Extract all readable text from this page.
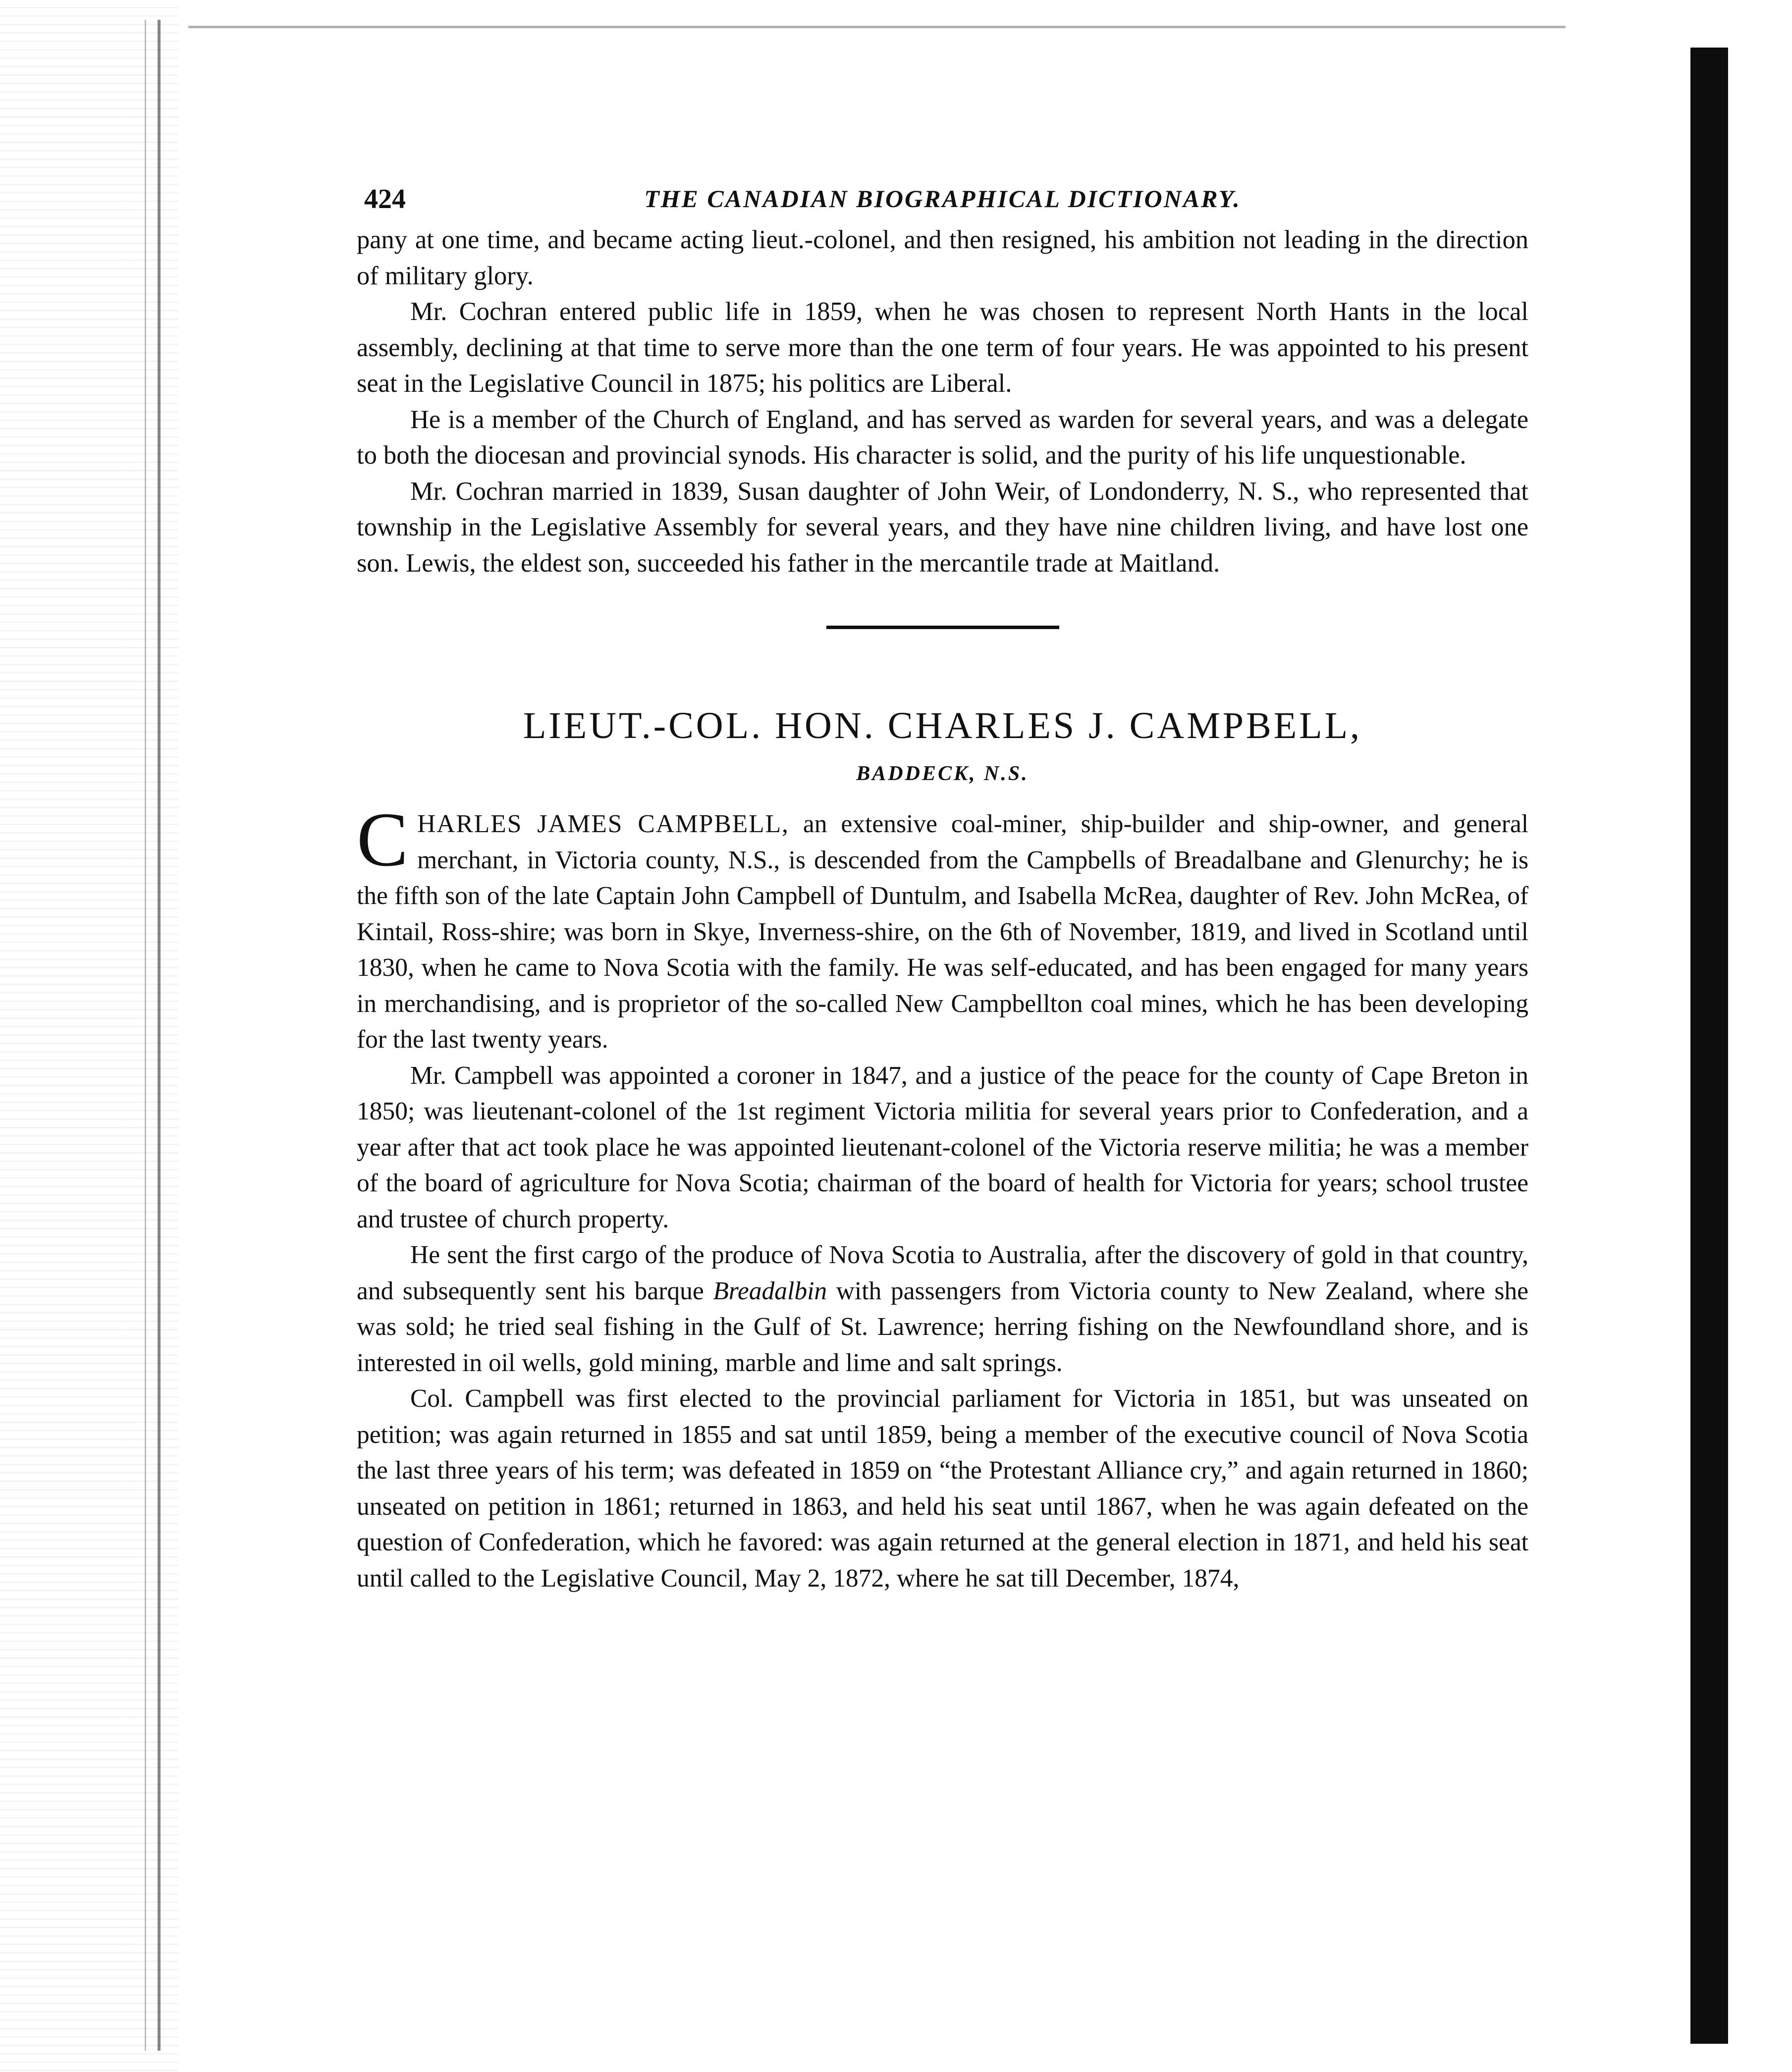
424	THE CANADIAN BIOGRAPHICAL DICTIONARY.

pany at one time, and became acting lieut.-colonel, and then resigned, his ambition not leading in the direction of military glory.

Mr. Cochran entered public life in 1859, when he was chosen to represent North Hants in the local assembly, declining at that time to serve more than the one term of four years. He was appointed to his present seat in the Legislative Council in 1875; his politics are Liberal.

He is a member of the Church of England, and has served as warden for several years, and was a delegate to both the diocesan and provincial synods. His character is solid, and the purity of his life unquestionable.

Mr. Cochran married in 1839, Susan daughter of John Weir, of Londonderry, N. S., who represented that township in the Legislative Assembly for several years, and they have nine children living, and have lost one son. Lewis, the eldest son, succeeded his father in the mercantile trade at Maitland.

LIEUT.-COL. HON. CHARLES J. CAMPBELL,
BADDECK, N.S.

CHARLES JAMES CAMPBELL, an extensive coal-miner, ship-builder and ship-owner, and general merchant, in Victoria county, N.S., is descended from the Campbells of Breadalbane and Glenurchy; he is the fifth son of the late Captain John Campbell of Duntulm, and Isabella McRea, daughter of Rev. John McRea, of Kintail, Ross-shire; was born in Skye, Inverness-shire, on the 6th of November, 1819, and lived in Scotland until 1830, when he came to Nova Scotia with the family. He was self-educated, and has been engaged for many years in merchandising, and is proprietor of the so-called New Campbellton coal mines, which he has been developing for the last twenty years.

Mr. Campbell was appointed a coroner in 1847, and a justice of the peace for the county of Cape Breton in 1850; was lieutenant-colonel of the 1st regiment Victoria militia for several years prior to Confederation, and a year after that act took place he was appointed lieutenant-colonel of the Victoria reserve militia; he was a member of the board of agriculture for Nova Scotia; chairman of the board of health for Victoria for years; school trustee and trustee of church property.

He sent the first cargo of the produce of Nova Scotia to Australia, after the discovery of gold in that country, and subsequently sent his barque Breadalbin with passengers from Victoria county to New Zealand, where she was sold; he tried seal fishing in the Gulf of St. Lawrence; herring fishing on the Newfoundland shore, and is interested in oil wells, gold mining, marble and lime and salt springs.

Col. Campbell was first elected to the provincial parliament for Victoria in 1851, but was unseated on petition; was again returned in 1855 and sat until 1859, being a member of the executive council of Nova Scotia the last three years of his term; was defeated in 1859 on “the Protestant Alliance cry,” and again returned in 1860; unseated on petition in 1861; returned in 1863, and held his seat until 1867, when he was again defeated on the question of Confederation, which he favored: was again returned at the general election in 1871, and held his seat until called to the Legislative Council, May 2, 1872, where he sat till December, 1874,
